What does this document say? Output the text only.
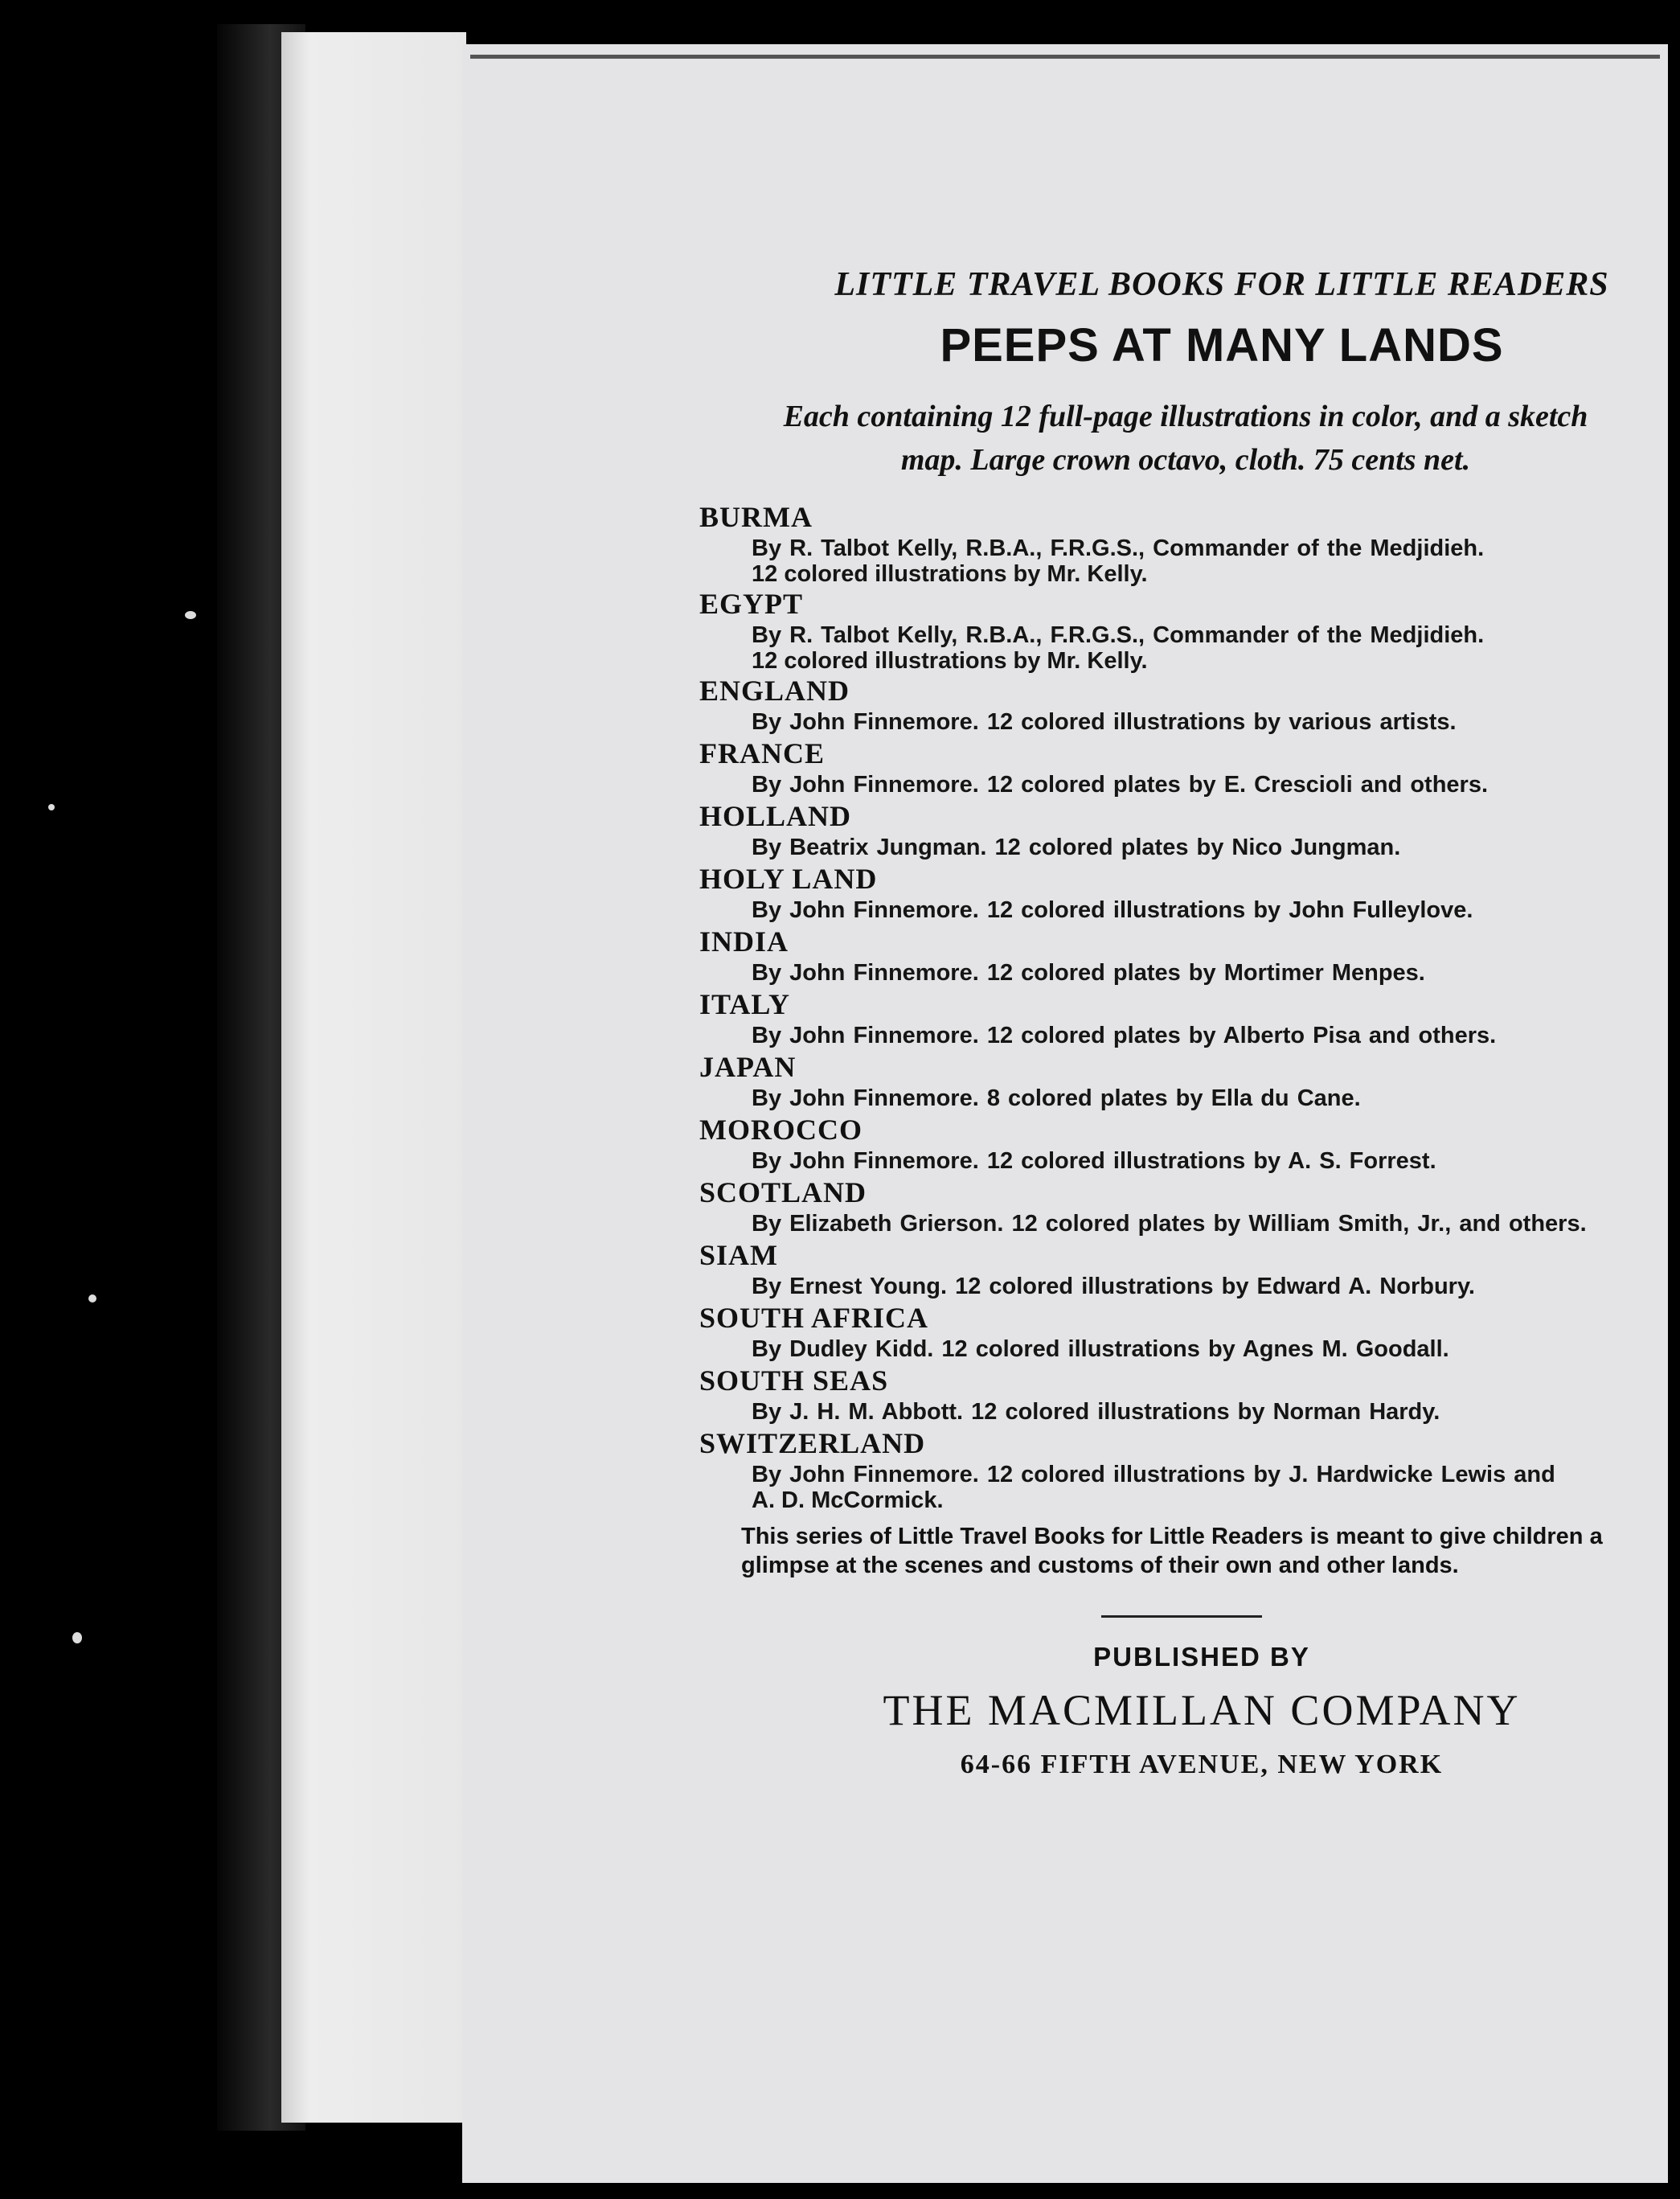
LITTLE TRAVEL BOOKS FOR LITTLE READERS
PEEPS AT MANY LANDS
Each containing 12 full-page illustrations in color, and a sketch
map. Large crown octavo, cloth. 75 cents net.
BURMA
By R. Talbot Kelly, R.B.A., F.R.G.S., Commander of the Medjidieh.
12 colored illustrations by Mr. Kelly.
EGYPT
By R. Talbot Kelly, R.B.A., F.R.G.S., Commander of the Medjidieh.
12 colored illustrations by Mr. Kelly.
ENGLAND
By John Finnemore. 12 colored illustrations by various artists.
FRANCE
By John Finnemore. 12 colored plates by E. Crescioli and others.
HOLLAND
By Beatrix Jungman. 12 colored plates by Nico Jungman.
HOLY LAND
By John Finnemore. 12 colored illustrations by John Fulleylove.
INDIA
By John Finnemore. 12 colored plates by Mortimer Menpes.
ITALY
By John Finnemore. 12 colored plates by Alberto Pisa and others.
JAPAN
By John Finnemore. 8 colored plates by Ella du Cane.
MOROCCO
By John Finnemore. 12 colored illustrations by A. S. Forrest.
SCOTLAND
By Elizabeth Grierson. 12 colored plates by William Smith, Jr., and others.
SIAM
By Ernest Young. 12 colored illustrations by Edward A. Norbury.
SOUTH AFRICA
By Dudley Kidd. 12 colored illustrations by Agnes M. Goodall.
SOUTH SEAS
By J. H. M. Abbott. 12 colored illustrations by Norman Hardy.
SWITZERLAND
By John Finnemore. 12 colored illustrations by J. Hardwicke Lewis and
A. D. McCormick.
This series of Little Travel Books for Little Readers is meant to give children a glimpse at the scenes and customs of their own and other lands.
PUBLISHED BY
THE MACMILLAN COMPANY
64-66 FIFTH AVENUE, NEW YORK
